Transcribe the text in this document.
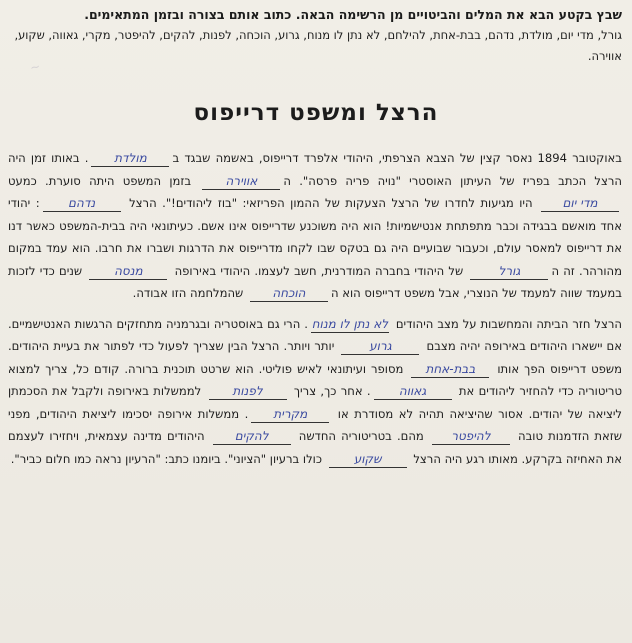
שבץ בקטע הבא את המלים והביטויים מן הרשימה הבאה. כתוב אותם בצורה ובזמן המתאימים.
גורל, מדי יום, מולדת, נדהם, בבת-אחת, להילחם, לא נתן לו מנוח, גרוע, הוכחה, לפנות, להקים, להיפטר, מקרי, גאווה, שקוע, אווירה.
הרצל ומשפט דרייפוס

באוקטובר 1894 נאסר קצין של הצבא הצרפתי, היהודי אלפרד דרייפוס, באשמה שבגד במולדת. באותו זמן היה הרצל הכתב בפריז של העיתון האוסטרי "נויה פריה פרסה". האווירה בזמן המשפט היתה סוערת. כמעט מדי יום היו מגיעות לחדרו של הרצל הצעקות של ההמון הפריזאי: "בוז ליהודים!". הרצל נדהם: יהודי אחד מואשם בבגידה וכבר מתפתחת אנטישמיות! הוא היה משוכנע שדרייפוס אינו אשם. כעיתונאי היה בבית-המשפט כאשר דנו את דרייפוס למאסר עולם, וכעבור שבועיים היה גם בטקס שבו לקחו מדרייפוס את הדרגות ושברו את חרבו. הוא עמד במקום מהורהר. זה הגורל של היהודי בחברה המודרנית, חשב לעצמו. היהודי באירופה מנסה שנים כדי לזכות במעמד שווה למעמד של הנוצרי, אבל משפט דרייפוס הוא ההוכחה שהמלחמה הזו אבודה.

הרצל חזר הביתה והמחשבות על מצב היהודים לא נתן לו מנוח. הרי גם באוסטריה ובגרמניה מתחזקים הרגשות האנטישמיים. אם יישארו היהודים באירופה יהיה מצבם גרוע יותר ויותר. הרצל הבין שצריך לפעול כדי לפתור את בעיית היהודים. משפט דרייפוס הפך אותו בבת-אחת מסופר ועיתונאי לאיש פוליטי. הוא שרטט תוכנית ברורה. קודם כל, צריך למצוא טריטוריה כדי להחזיר ליהודים את גאווה. אחר כך, צריך לפנות לממשלות באירופה ולקבל את הסכמתן ליציאה של יהודים. אסור שהיציאה תהיה לא מסודרת או מקרית. ממשלות אירופה יסכימו ליציאת היהודים, מפני שזאת הזדמנות טובה להיפטר מהם. בטריטוריה החדשה להקים היהודים מדינה עצמאית, ויחזירו לעצמם את האחיזה בקרקע. מאותו רגע היה הרצל שקוע כולו ברעיון "הציוני". ביומנו כתב: "הרעיון נראה כמו חלום כביר".

~
